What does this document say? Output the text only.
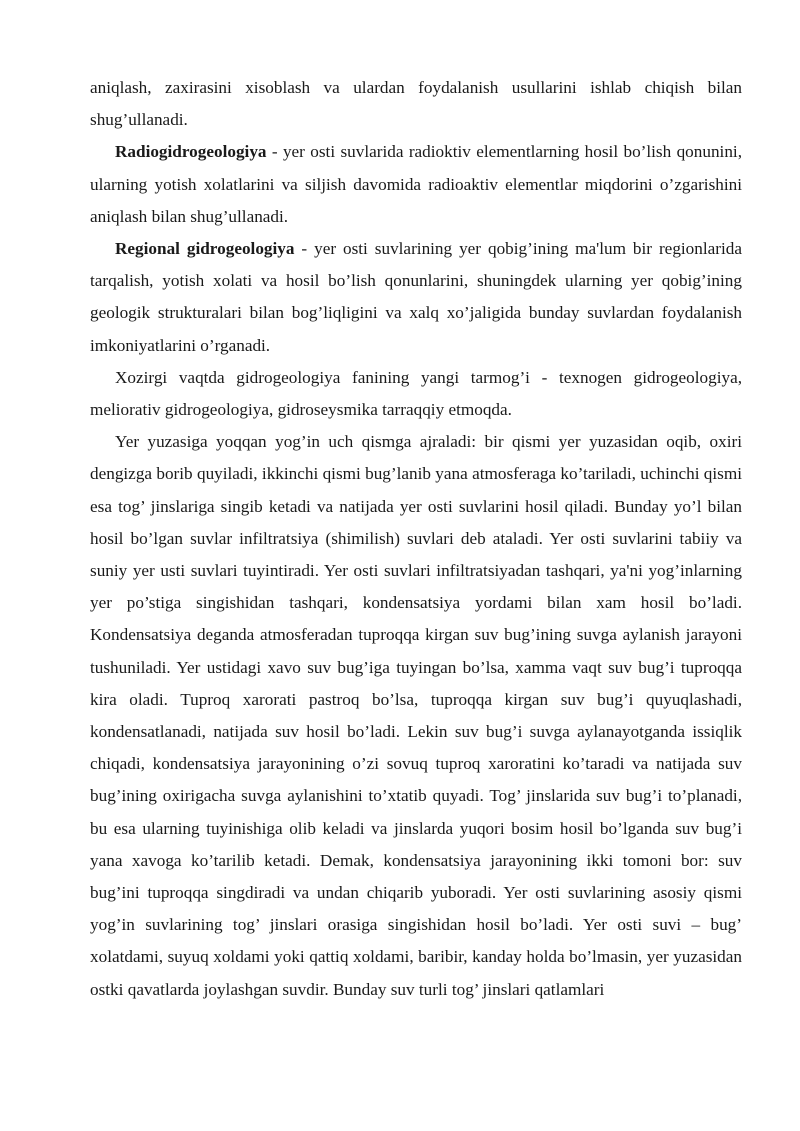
aniqlash, zaxirasini xisoblash va ulardan foydalanish usullarini ishlab chiqish bilan shug’ullanadi.

Radiogidrogeologiya - yer osti suvlarida radioktiv elementlarning hosil bo’lish qonunini, ularning yotish xolatlarini va siljish davomida radioaktiv elementlar miqdorini o’zgarishini aniqlash bilan shug’ullanadi.

Regional gidrogeologiya - yer osti suvlarining yer qobig’ining ma'lum bir regionlarida tarqalish, yotish xolati va hosil bo’lish qonunlarini, shuningdek ularning yer qobig’ining geologik strukturalari bilan bog’liqligini va xalq xo’jaligida bunday suvlardan foydalanish imkoniyatlarini o’rganadi.

Xozirgi vaqtda gidrogeologiya fanining yangi tarmog’i - texnogen gidrogeologiya, meliorativ gidrogeologiya, gidroseysmika tarraqqiy etmoqda.

Yer yuzasiga yoqqan yog’in uch qismga ajraladi: bir qismi yer yuzasidan oqib, oxiri dengizga borib quyiladi, ikkinchi qismi bug’lanib yana atmosferaga ko’tariladi, uchinchi qismi esa tog’ jinslariga singib ketadi va natijada yer osti suvlarini hosil qiladi. Bunday yo’l bilan hosil bo’lgan suvlar infiltratsiya (shimilish) suvlari deb ataladi. Yer osti suvlarini tabiiy va suniy yer usti suvlari tuyintiradi. Yer osti suvlari infiltratsiyadan tashqari, ya'ni yog’inlarning yer po’stiga singishidan tashqari, kondensatsiya yordami bilan xam hosil bo’ladi. Kondensatsiya deganda atmosferadan tuproqqa kirgan suv bug’ining suvga aylanish jarayoni tushuniladi. Yer ustidagi xavo suv bug’iga tuyingan bo’lsa, xamma vaqt suv bug’i tuproqqa kira oladi. Tuproq xarorati pastroq bo’lsa, tuproqqa kirgan suv bug’i quyuqlashadi, kondensatlanadi, natijada suv hosil bo’ladi. Lekin suv bug’i suvga aylanayotganda issiqlik chiqadi, kondensatsiya jarayonining o’zi sovuq tuproq xaroratini ko’taradi va natijada suv bug’ining oxirigacha suvga aylanishini to’xtatib quyadi. Tog’ jinslarida suv bug’i to’planadi, bu esa ularning tuyinishiga olib keladi va jinslarda yuqori bosim hosil bo’lganda suv bug’i yana xavoga ko’tarilib ketadi. Demak, kondensatsiya jarayonining ikki tomoni bor: suv bug’ini tuproqqa singdiradi va undan chiqarib yuboradi. Yer osti suvlarining asosiy qismi yog’in suvlarining tog’ jinslari orasiga singishidan hosil bo’ladi. Yer osti suvi – bug’ xolatdami, suyuq xoldami yoki qattiq xoldami, baribir, kanday holda bo’lmasin, yer yuzasidan ostki qavatlarda joylashgan suvdir. Bunday suv turli tog’ jinslari qatlamlari
